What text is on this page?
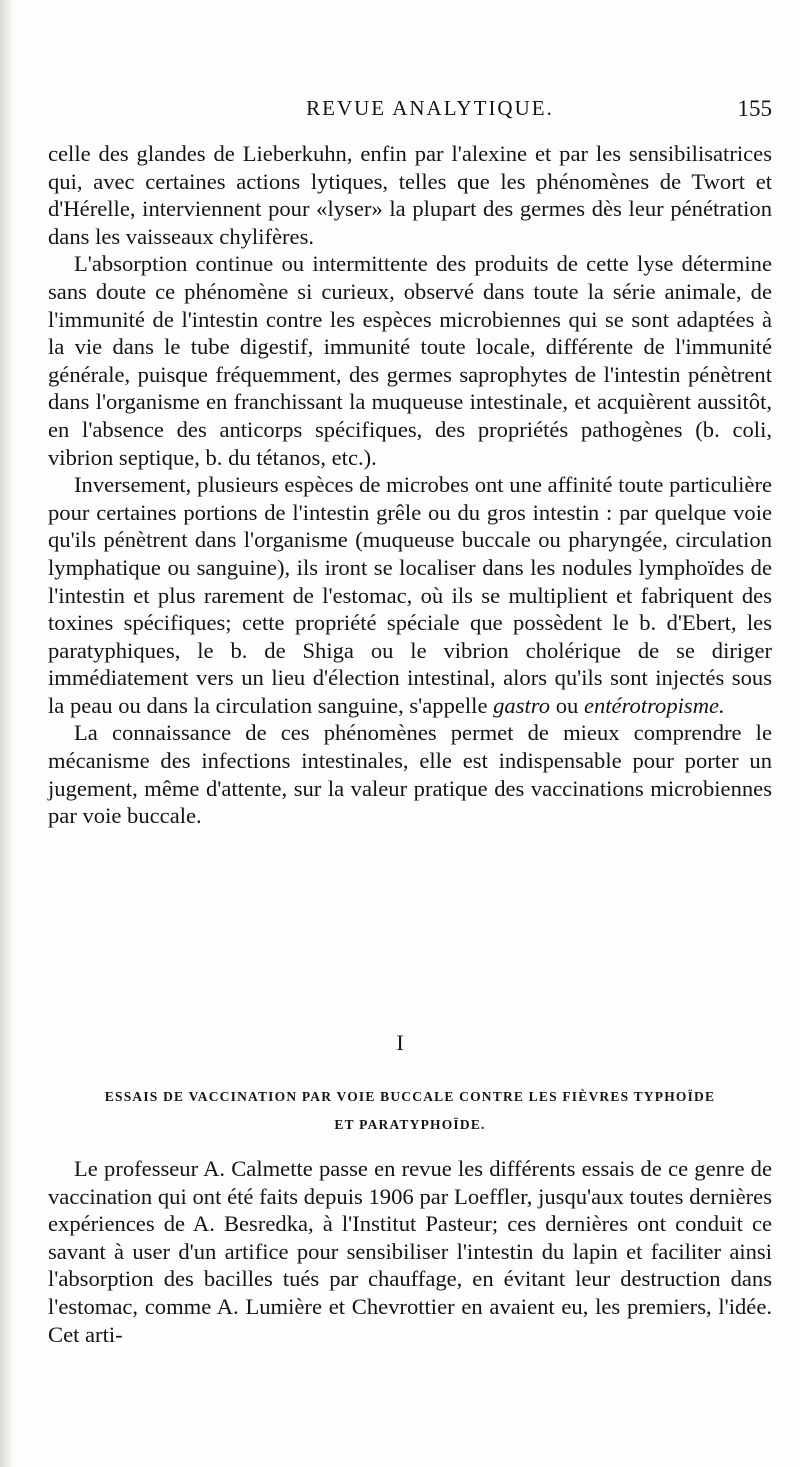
REVUE ANALYTIQUE.	155

celle des glandes de Lieberkuhn, enfin par l'alexine et par les sensibilisatrices qui, avec certaines actions lytiques, telles que les phénomènes de Twort et d'Hérelle, interviennent pour «lyser» la plupart des germes dès leur pénétration dans les vaisseaux chylifères.

L'absorption continue ou intermittente des produits de cette lyse détermine sans doute ce phénomène si curieux, observé dans toute la série animale, de l'immunité de l'intestin contre les espèces microbiennes qui se sont adaptées à la vie dans le tube digestif, immunité toute locale, différente de l'immunité générale, puisque fréquemment, des germes saprophytes de l'intestin pénètrent dans l'organisme en franchissant la muqueuse intestinale, et acquièrent aussitôt, en l'absence des anticorps spécifiques, des propriétés pathogènes (b. coli, vibrion septique, b. du tétanos, etc.).

Inversement, plusieurs espèces de microbes ont une affinité toute particulière pour certaines portions de l'intestin grêle ou du gros intestin : par quelque voie qu'ils pénètrent dans l'organisme (muqueuse buccale ou pharyngée, circulation lymphatique ou sanguine), ils iront se localiser dans les nodules lymphoïdes de l'intestin et plus rarement de l'estomac, où ils se multiplient et fabriquent des toxines spécifiques; cette propriété spéciale que possèdent le b. d'Ebert, les paratyphiques, le b. de Shiga ou le vibrion cholérique de se diriger immédiatement vers un lieu d'élection intestinal, alors qu'ils sont injectés sous la peau ou dans la circulation sanguine, s'appelle gastro ou entérotropisme.

La connaissance de ces phénomènes permet de mieux comprendre le mécanisme des infections intestinales, elle est indispensable pour porter un jugement, même d'attente, sur la valeur pratique des vaccinations microbiennes par voie buccale.

I
ESSAIS DE VACCINATION PAR VOIE BUCCALE CONTRE LES FIÈVRES TYPHOÏDE
ET PARATYPHOÏDE.

Le professeur A. Calmette passe en revue les différents essais de ce genre de vaccination qui ont été faits depuis 1906 par Loeffler, jusqu'aux toutes dernières expériences de A. Besredka, à l'Institut Pasteur; ces dernières ont conduit ce savant à user d'un artifice pour sensibiliser l'intestin du lapin et faciliter ainsi l'absorption des bacilles tués par chauffage, en évitant leur destruction dans l'estomac, comme A. Lumière et Chevrottier en avaient eu, les premiers, l'idée. Cet arti-
